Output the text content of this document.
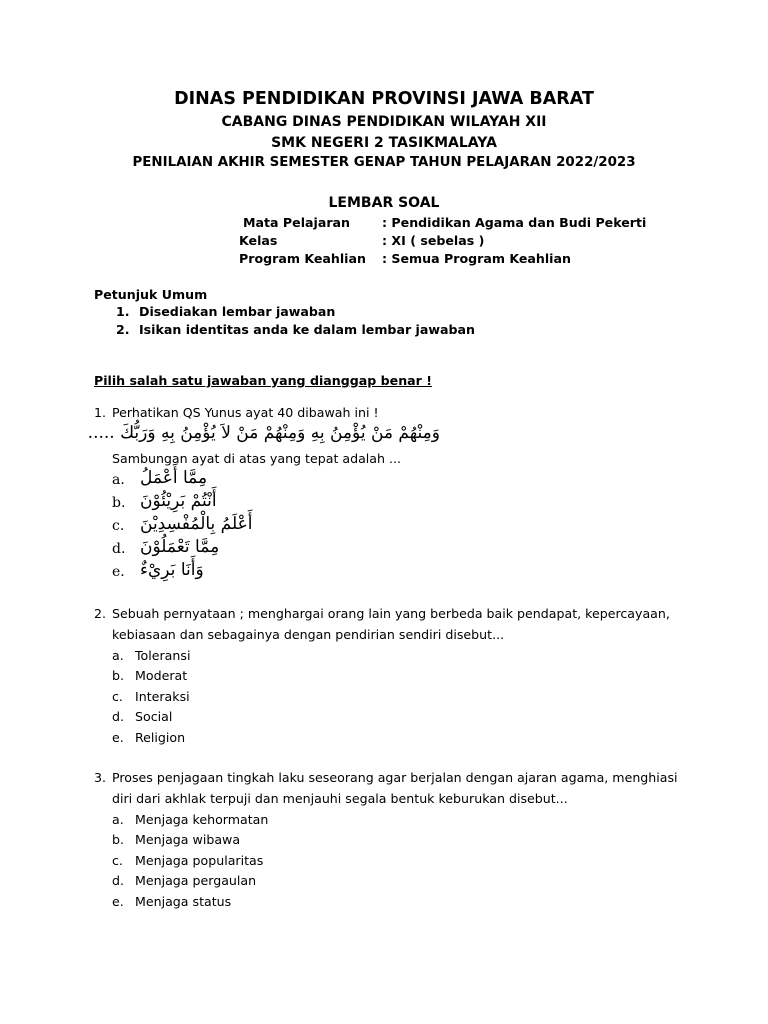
DINAS PENDIDIKAN PROVINSI JAWA BARAT
CABANG DINAS PENDIDIKAN WILAYAH XII
SMK NEGERI 2 TASIKMALAYA
PENILAIAN AKHIR SEMESTER GENAP TAHUN PELAJARAN 2022/2023
LEMBAR SOAL
Mata Pelajaran	: Pendidikan Agama dan Budi Pekerti
Kelas	: XI ( sebelas )
Program Keahlian : Semua Program Keahlian
Petunjuk Umum
1. Disediakan lembar jawaban
2. Isikan identitas anda ke dalam lembar jawaban
Pilih salah satu jawaban yang dianggap benar !
1. Perhatikan QS Yunus ayat 40 dibawah ini !
وَمِنْهُمْ مَنْ يُؤْمِنُ بِهِ وَمِنْهُمْ مَنْ لاَ يُؤْمِنُ بِهِ وَرَبُّكَ .....
Sambungan ayat di atas yang tepat adalah ...
a. مِمَّا أَعْمَلُ
b. أَنْتُمْ بَرِيْئُوْنَ
c. أَعْلَمُ بِالْمُفْسِدِيْنَ
d. مِمَّا تَعْمَلُوْنَ
e. وَأَنَا بَرِيْءٌ
2. Sebuah pernyataan ; menghargai orang lain yang berbeda baik pendapat, kepercayaan,
kebiasaan dan sebagainya dengan pendirian sendiri disebut...
a. Toleransi
b. Moderat
c. Interaksi
d. Social
e. Religion
3. Proses penjagaan tingkah laku seseorang agar berjalan dengan ajaran agama, menghiasi
diri dari akhlak terpuji dan menjauhi segala bentuk keburukan disebut...
a. Menjaga kehormatan
b. Menjaga wibawa
c. Menjaga popularitas
d. Menjaga pergaulan
e. Menjaga status
